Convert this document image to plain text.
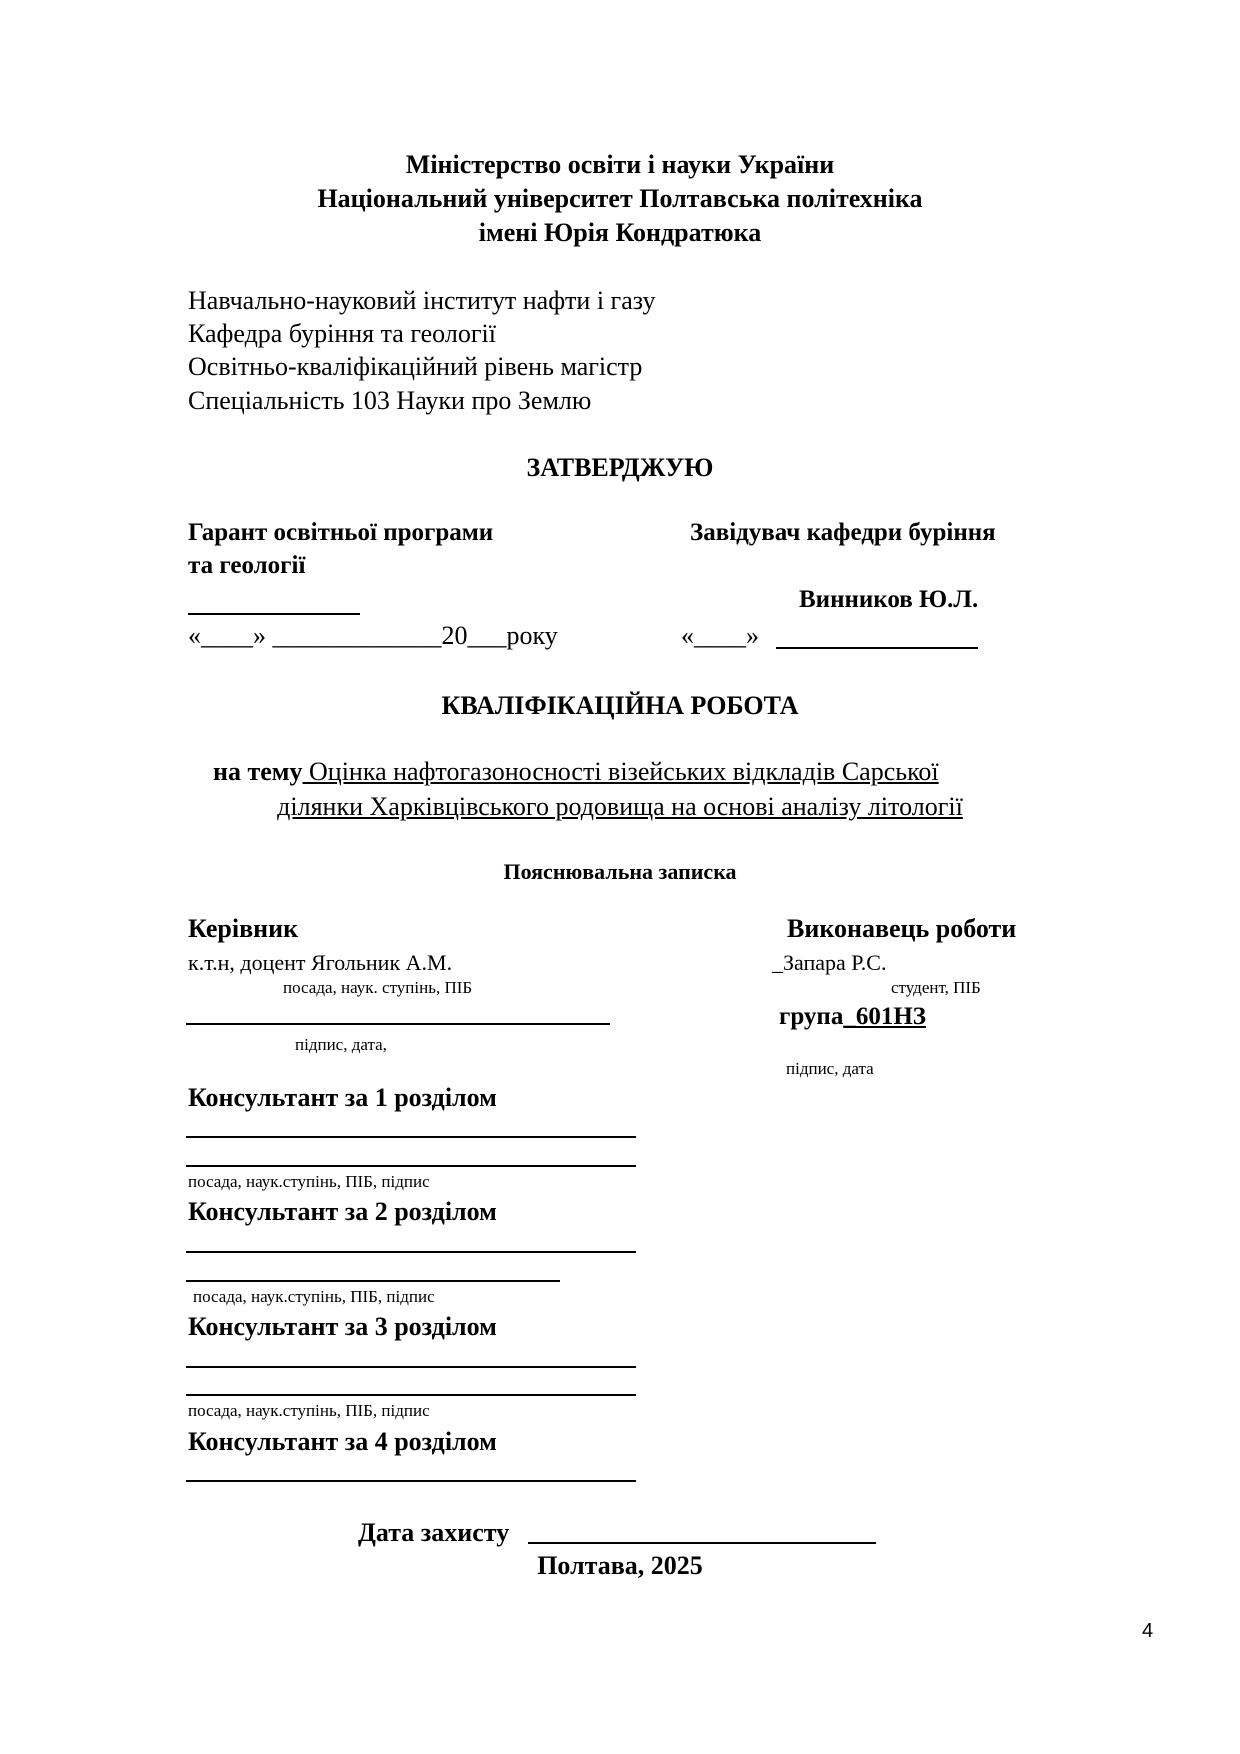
Міністерство освіти і науки України
Національний університет Полтавська політехніка
імені Юрія Кондратюка
Навчально-науковий інститут нафти і газу
Кафедра буріння та геології
Освітньо-кваліфікаційний рівень магістр
Спеціальність 103 Науки про Землю
ЗАТВЕРДЖУЮ
Гарант освітньої програми
та геології
«____» _____________20___року
Завідувач кафедри буріння
Винников Ю.Л.
«____»
КВАЛІФІКАЦІЙНА РОБОТА
на тему Оцінка нафтогазоносності візейських відкладів Сарської
ділянки Харківцівського родовища на основі аналізу літології
Пояснювальна записка
Керівник
к.т.н, доцент Ягольник А.М.
посада, наук. ступінь, ПІБ
підпис, дата,
Виконавець роботи
_Запара Р.С.
студент, ПІБ
група_601НЗ
підпис, дата
Консультант за 1 розділом
посада, наук.ступінь, ПІБ, підпис
Консультант за 2 розділом
посада, наук.ступінь, ПІБ, підпис
Консультант за 3 розділом
посада, наук.ступінь, ПІБ, підпис
Консультант за 4 розділом
Дата захисту
Полтава, 2025
4
